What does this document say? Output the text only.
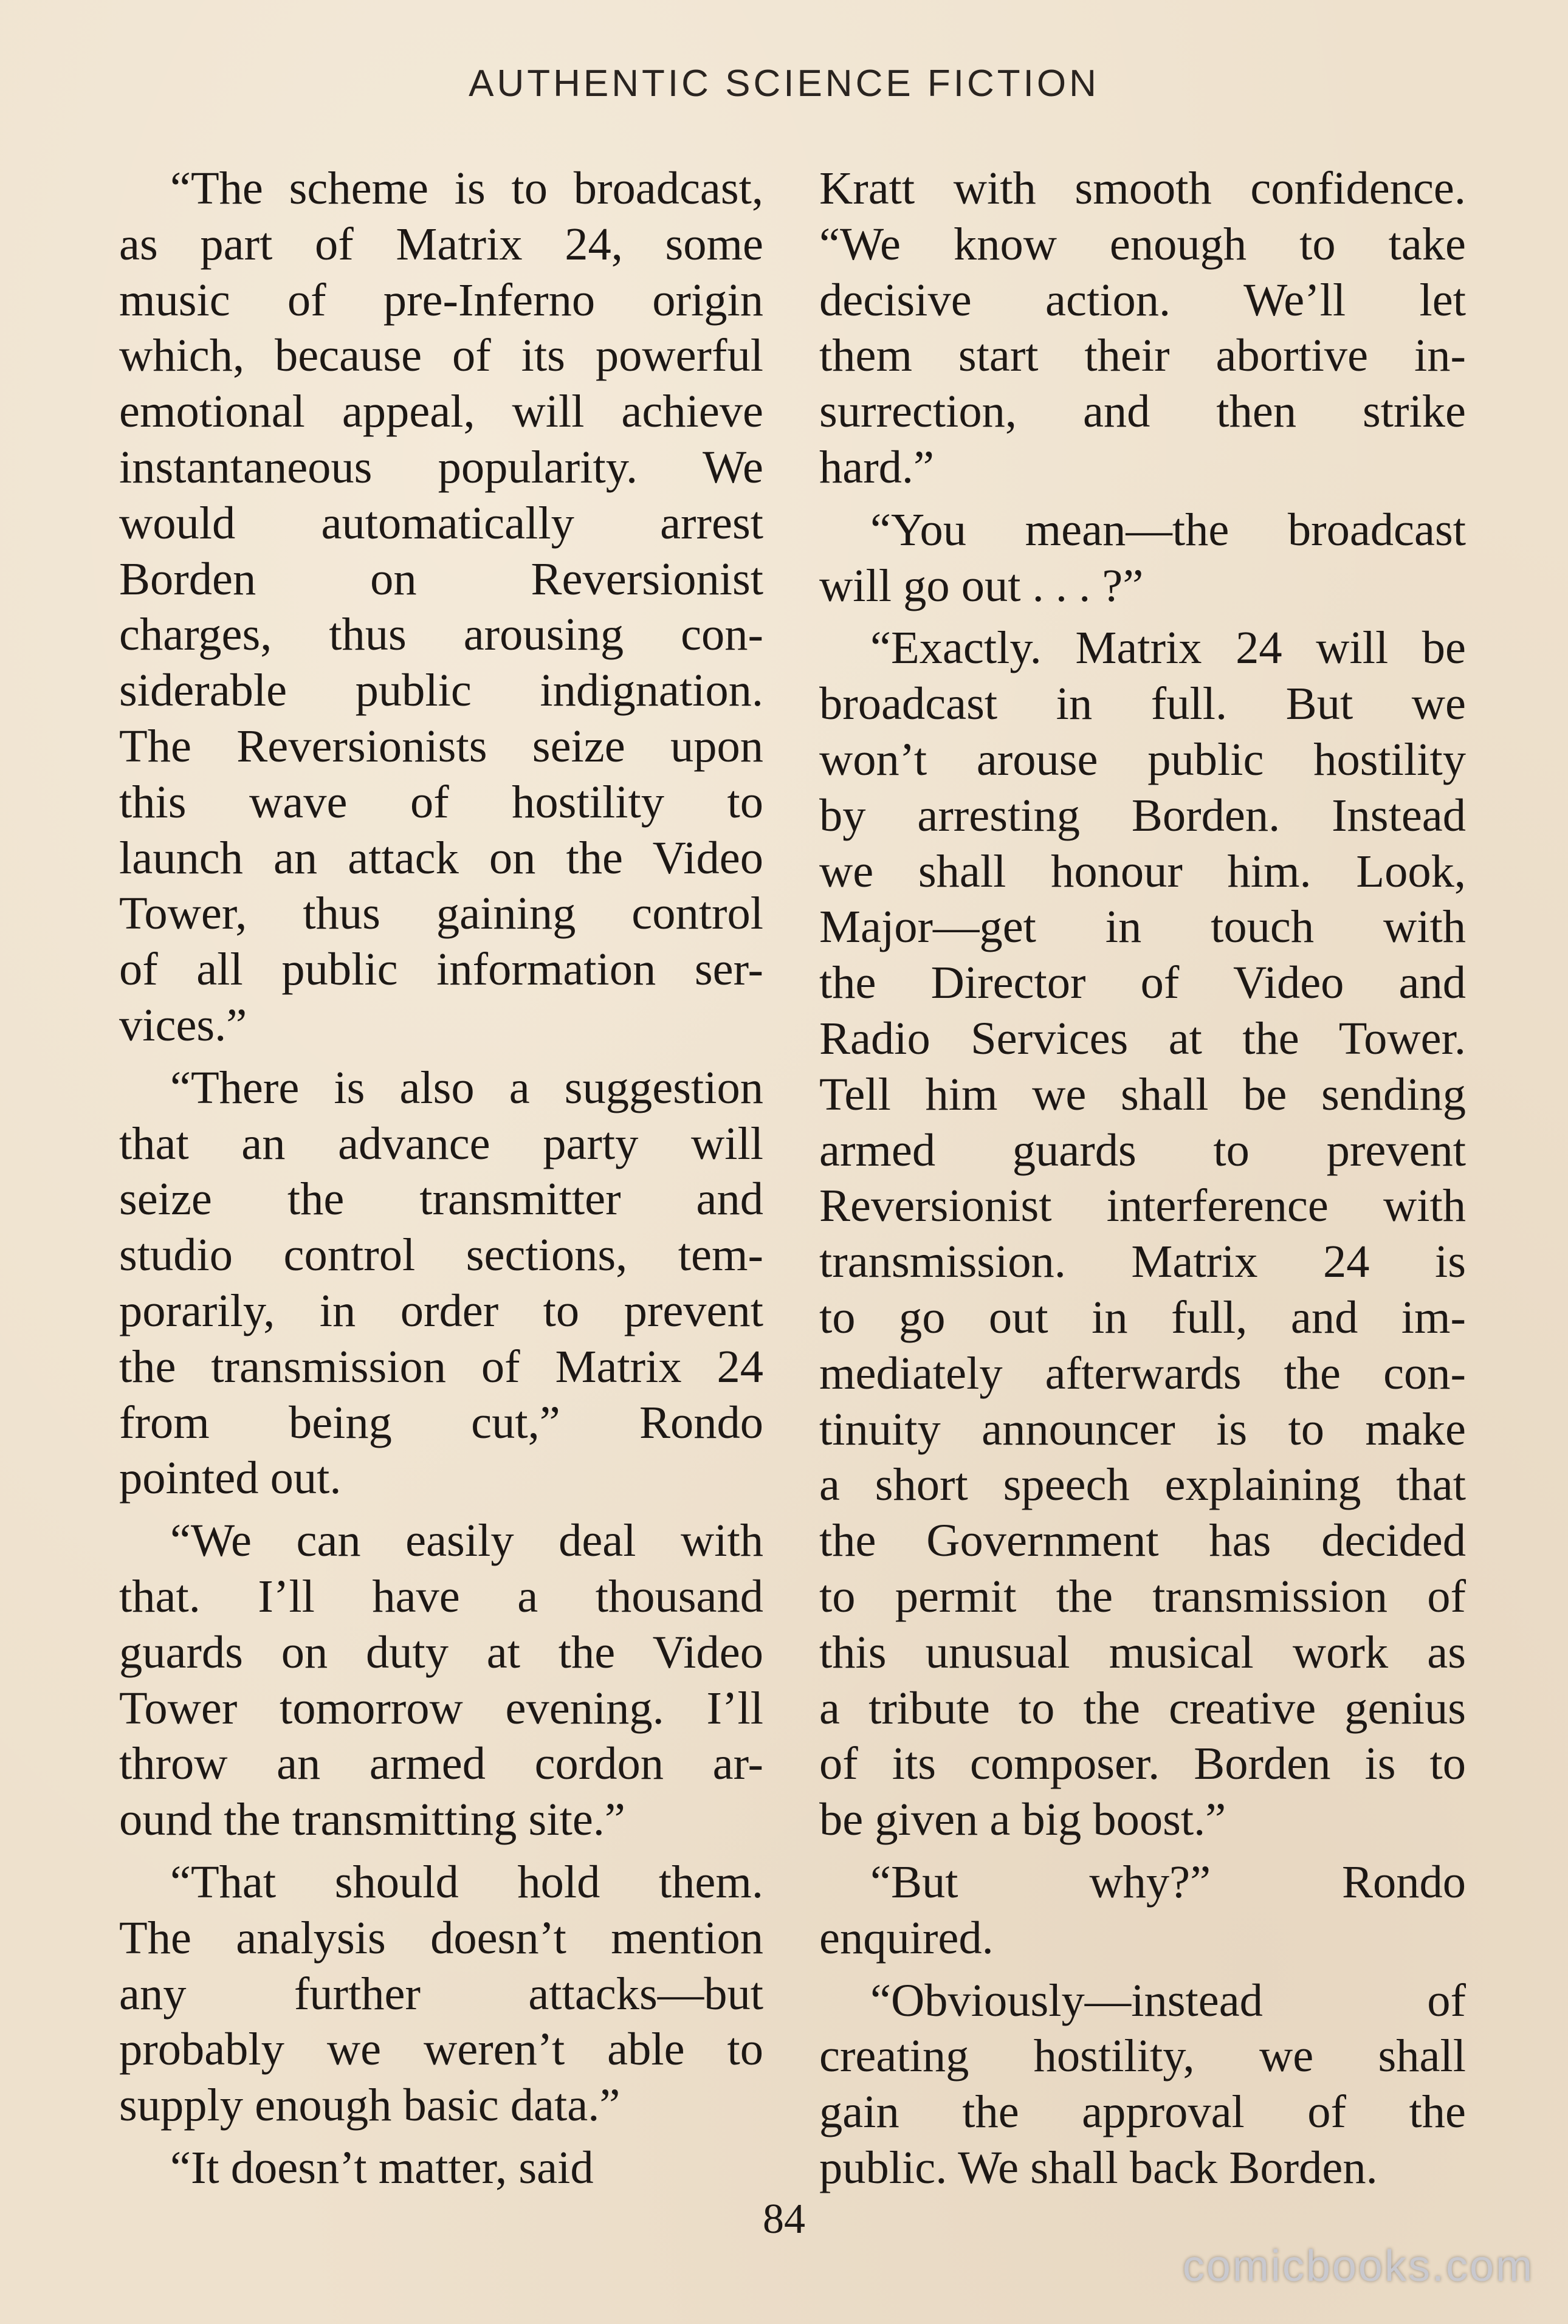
AUTHENTIC SCIENCE FICTION
“The scheme is to broadcast,
as part of Matrix 24, some
music of pre-Inferno origin
which, because of its powerful
emotional appeal, will achieve
instantaneous popularity. We
would automatically arrest
Borden on Reversionist
charges, thus arousing con-
siderable public indignation.
The Reversionists seize upon
this wave of hostility to
launch an attack on the Video
Tower, thus gaining control
of all public information ser-
vices.”
“There is also a suggestion
that an advance party will
seize the transmitter and
studio control sections, tem-
porarily, in order to prevent
the transmission of Matrix 24
from being cut,” Rondo
pointed out.
“We can easily deal with
that. I’ll have a thousand
guards on duty at the Video
Tower tomorrow evening. I’ll
throw an armed cordon ar-
ound the transmitting site.”
“That should hold them.
The analysis doesn’t mention
any further attacks—but
probably we weren’t able to
supply enough basic data.”
“It doesn’t matter, said
Kratt with smooth confidence.
“We know enough to take
decisive action. We’ll let
them start their abortive in-
surrection, and then strike
hard.”
“You mean—the broadcast
will go out . . . ?”
“Exactly. Matrix 24 will be
broadcast in full. But we
won’t arouse public hostility
by arresting Borden. Instead
we shall honour him. Look,
Major—get in touch with
the Director of Video and
Radio Services at the Tower.
Tell him we shall be sending
armed guards to prevent
Reversionist interference with
transmission. Matrix 24 is
to go out in full, and im-
mediately afterwards the con-
tinuity announcer is to make
a short speech explaining that
the Government has decided
to permit the transmission of
this unusual musical work as
a tribute to the creative genius
of its composer. Borden is to
be given a big boost.”
“But why?” Rondo
enquired.
“Obviously—instead of
creating hostility, we shall
gain the approval of the
public. We shall back Borden.
84
comicbooks.com
